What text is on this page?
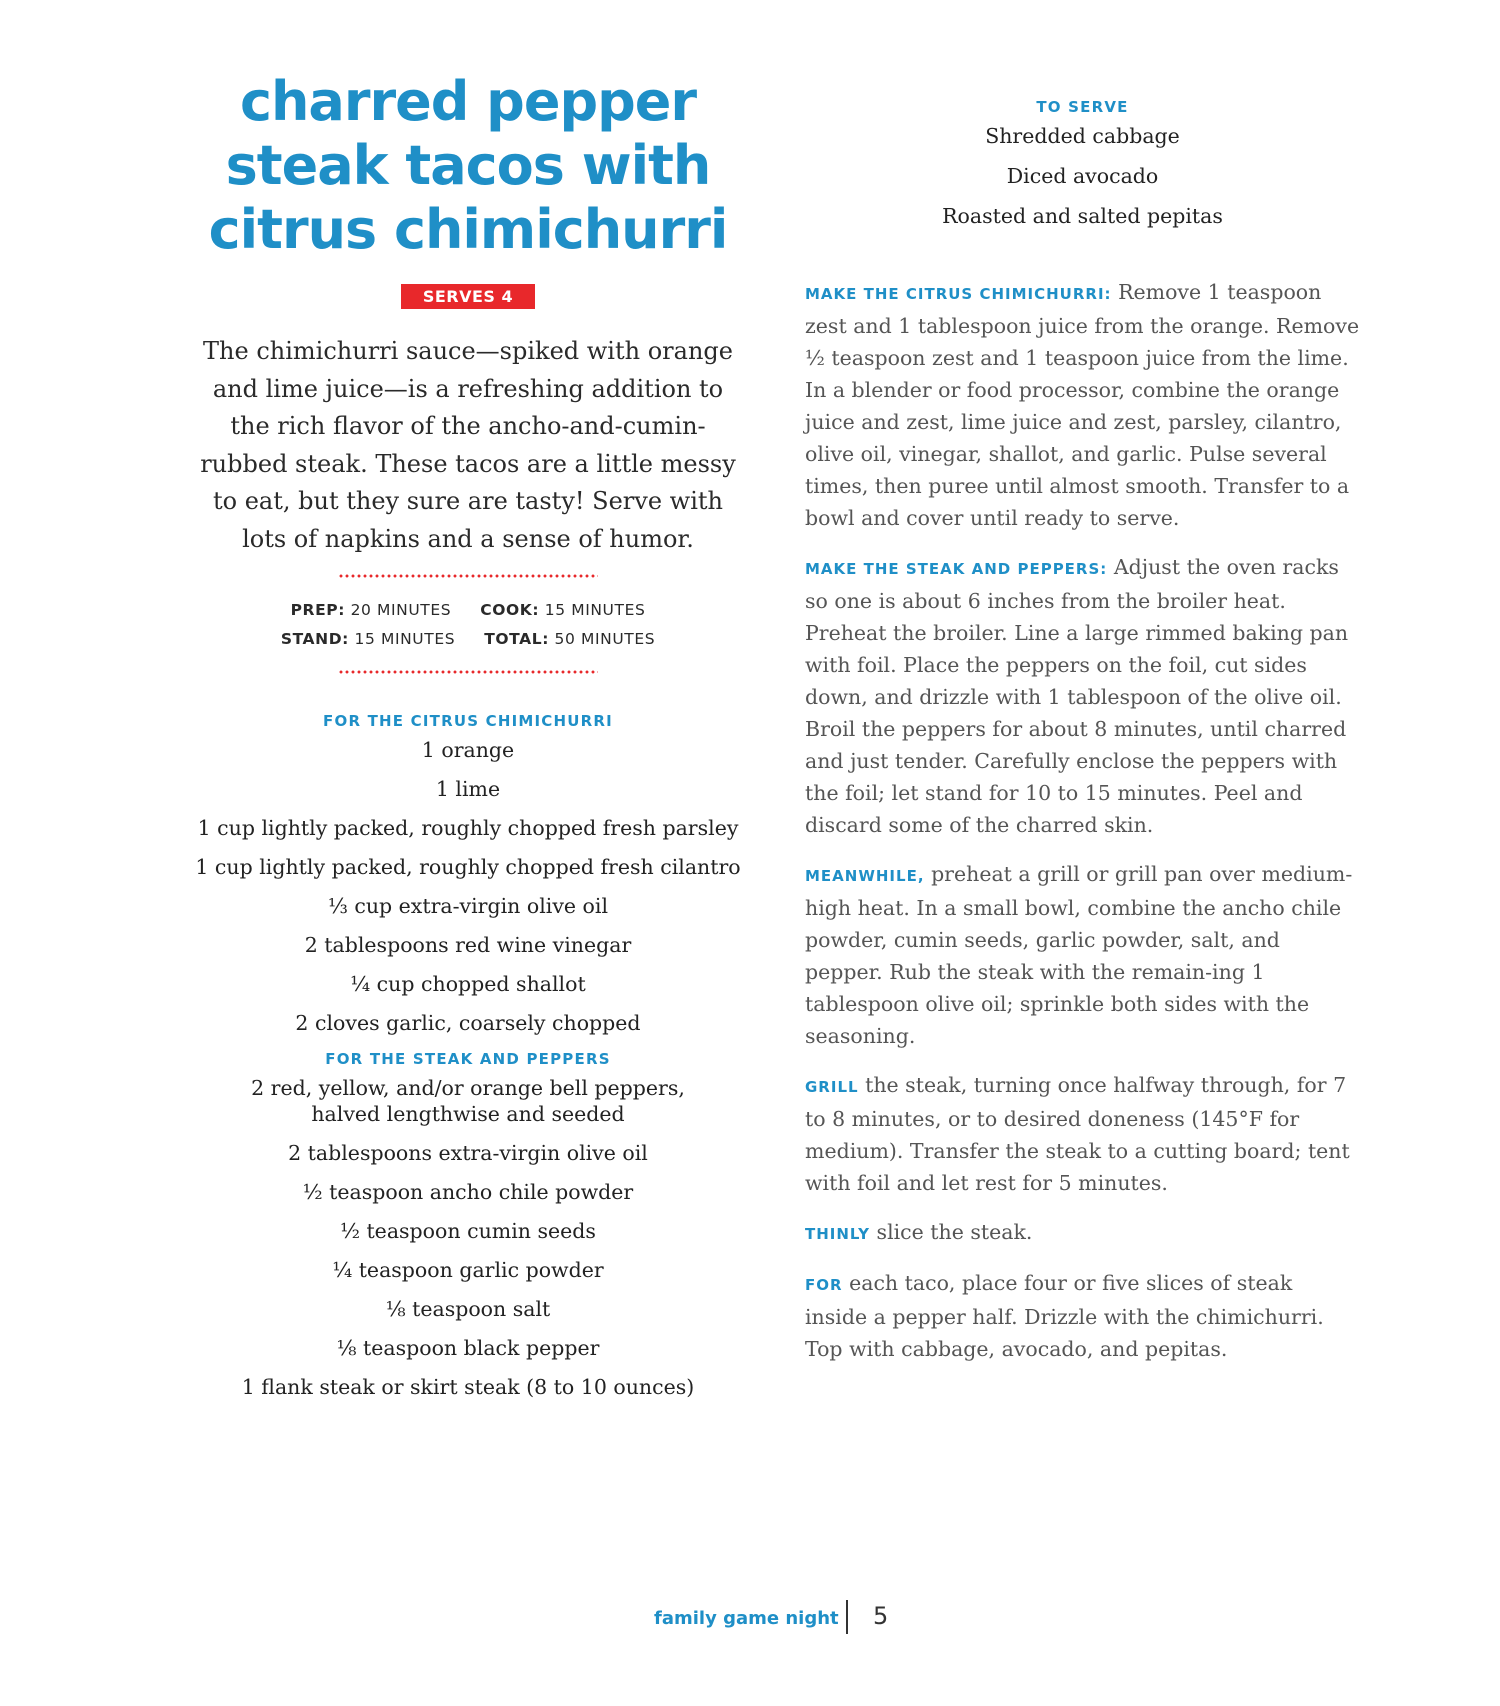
charred pepper
steak tacos with
citrus chimichurri
SERVES 4

The chimichurri sauce—spiked with orange and lime juice—is a refreshing addition to the rich flavor of the ancho-and-cumin-rubbed steak. These tacos are a little messy to eat, but they sure are tasty! Serve with lots of napkins and a sense of humor.

PREP: 20 MINUTES COOK: 15 MINUTES
STAND: 15 MINUTES TOTAL: 50 MINUTES
FOR THE CITRUS CHIMICHURRI
1 orange
1 lime
1 cup lightly packed, roughly chopped fresh parsley
1 cup lightly packed, roughly chopped fresh cilantro
⅓ cup extra-virgin olive oil
2 tablespoons red wine vinegar
¼ cup chopped shallot
2 cloves garlic, coarsely chopped
FOR THE STEAK AND PEPPERS
2 red, yellow, and/or orange bell peppers, halved lengthwise and seeded
2 tablespoons extra-virgin olive oil
½ teaspoon ancho chile powder
½ teaspoon cumin seeds
¼ teaspoon garlic powder
⅛ teaspoon salt
⅛ teaspoon black pepper
1 flank steak or skirt steak (8 to 10 ounces)
TO SERVE
Shredded cabbage
Diced avocado
Roasted and salted pepitas

MAKE THE CITRUS CHIMICHURRI: Remove 1 teaspoon zest and 1 tablespoon juice from the orange. Remove ½ teaspoon zest and 1 teaspoon juice from the lime. In a blender or food processor, combine the orange juice and zest, lime juice and zest, parsley, cilantro, olive oil, vinegar, shallot, and garlic. Pulse several times, then puree until almost smooth. Transfer to a bowl and cover until ready to serve.

MAKE THE STEAK AND PEPPERS: Adjust the oven racks so one is about 6 inches from the broiler heat. Preheat the broiler. Line a large rimmed baking pan with foil. Place the peppers on the foil, cut sides down, and drizzle with 1 tablespoon of the olive oil. Broil the peppers for about 8 minutes, until charred and just tender. Carefully enclose the peppers with the foil; let stand for 10 to 15 minutes. Peel and discard some of the charred skin.

MEANWHILE, preheat a grill or grill pan over medium-high heat. In a small bowl, combine the ancho chile powder, cumin seeds, garlic powder, salt, and pepper. Rub the steak with the remain-ing 1 tablespoon olive oil; sprinkle both sides with the seasoning.

GRILL the steak, turning once halfway through, for 7 to 8 minutes, or to desired doneness (145°F for medium). Transfer the steak to a cutting board; tent with foil and let rest for 5 minutes.

THINLY slice the steak.

FOR each taco, place four or five slices of steak inside a pepper half. Drizzle with the chimichurri. Top with cabbage, avocado, and pepitas.

family game night 5
